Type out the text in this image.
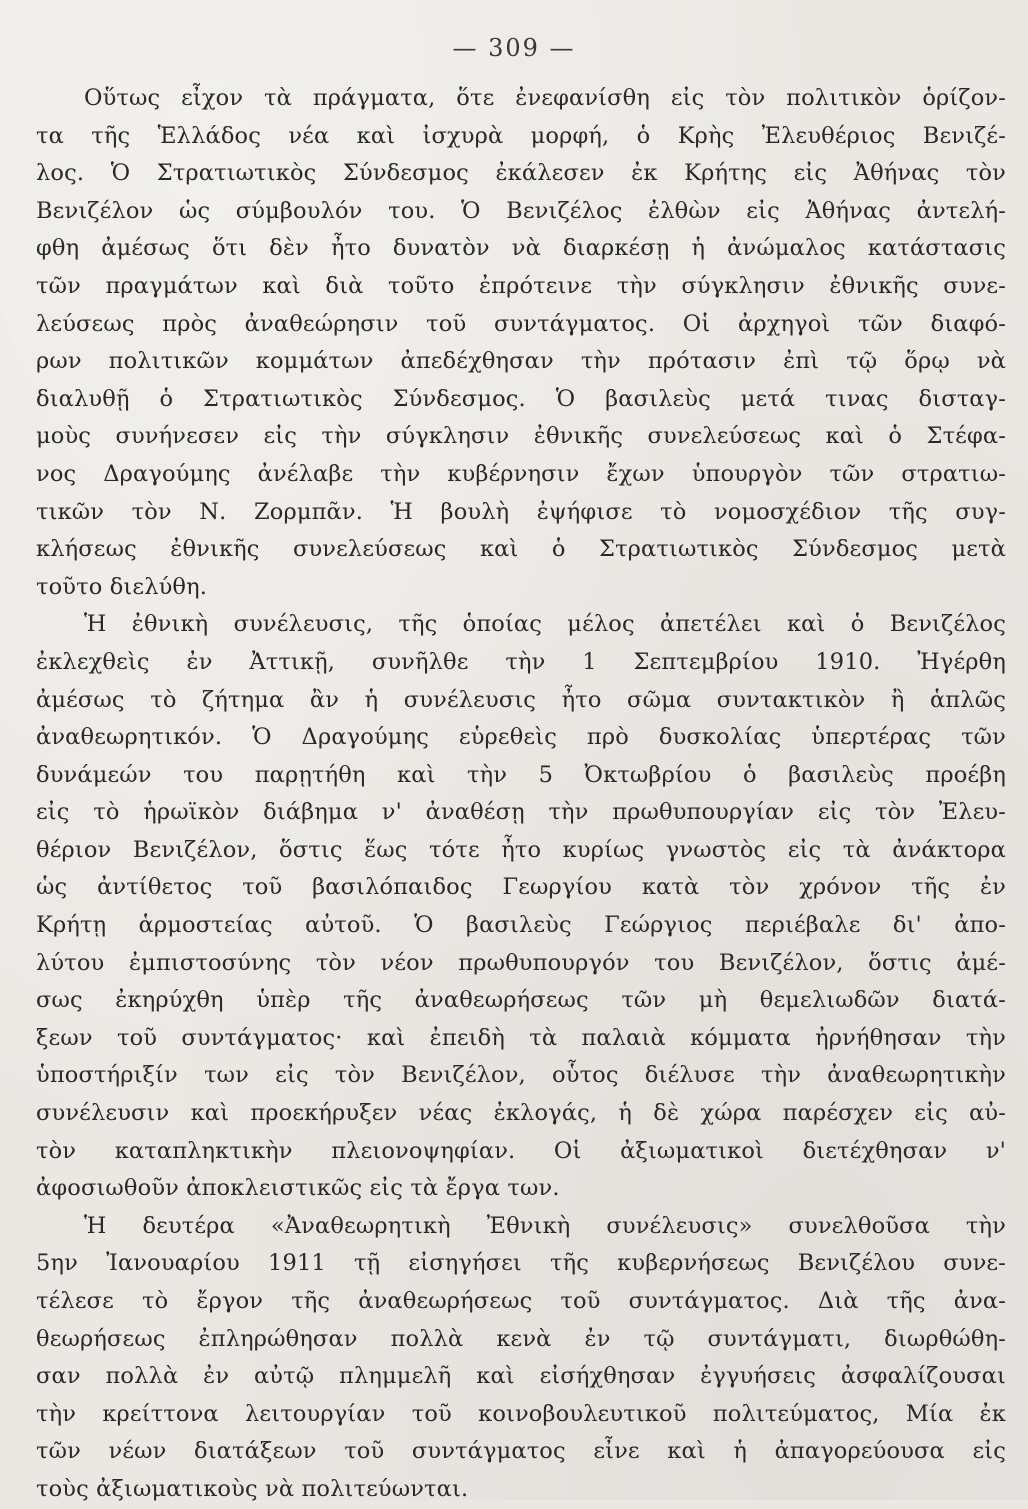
— 309 —
Οὕτως εἶχον τὰ πράγματα, ὅτε ἐνεφανίσθη εἰς τὸν πολιτικὸν ὁρίζον-
τα τῆς Ἑλλάδος νέα καὶ ἰσχυρὰ μορφή, ὁ Κρὴς Ἐλευθέριος Βενιζέ-
λος. Ὁ Στρατιωτικὸς Σύνδεσμος ἐκάλεσεν ἐκ Κρήτης εἰς Ἀθήνας τὸν
Βενιζέλον ὡς σύμβουλόν του. Ὁ Βενιζέλος ἐλθὼν εἰς Ἀθήνας ἀντελή-
φθη ἀμέσως ὅτι δὲν ἦτο δυνατὸν νὰ διαρκέσῃ ἡ ἀνώμαλος κατάστασις
τῶν πραγμάτων καὶ διὰ τοῦτο ἐπρότεινε τὴν σύγκλησιν ἐθνικῆς συνε-
λεύσεως πρὸς ἀναθεώρησιν τοῦ συντάγματος. Οἱ ἀρχηγοὶ τῶν διαφό-
ρων πολιτικῶν κομμάτων ἀπεδέχθησαν τὴν πρότασιν ἐπὶ τῷ ὅρῳ νὰ
διαλυθῇ ὁ Στρατιωτικὸς Σύνδεσμος. Ὁ βασιλεὺς μετά τινας δισταγ-
μοὺς συνήνεσεν εἰς τὴν σύγκλησιν ἐθνικῆς συνελεύσεως καὶ ὁ Στέφα-
νος Δραγούμης ἀνέλαβε τὴν κυβέρνησιν ἔχων ὑπουργὸν τῶν στρατιω-
τικῶν τὸν Ν. Ζορμπᾶν. Ἡ βουλὴ ἐψήφισε τὸ νομοσχέδιον τῆς συγ-
κλήσεως ἐθνικῆς συνελεύσεως καὶ ὁ Στρατιωτικὸς Σύνδεσμος μετὰ
τοῦτο διελύθη.
Ἡ ἐθνικὴ συνέλευσις, τῆς ὁποίας μέλος ἀπετέλει καὶ ὁ Βενιζέλος
ἐκλεχθεὶς ἐν Ἀττικῇ, συνῆλθε τὴν 1 Σεπτεμβρίου 1910. Ἠγέρθη
ἀμέσως τὸ ζήτημα ἂν ἡ συνέλευσις ἦτο σῶμα συντακτικὸν ἢ ἁπλῶς
ἀναθεωρητικόν. Ὁ Δραγούμης εὑρεθεὶς πρὸ δυσκολίας ὑπερτέρας τῶν
δυνάμεών του παρῃτήθη καὶ τὴν 5 Ὀκτωβρίου ὁ βασιλεὺς προέβη
εἰς τὸ ἡρωϊκὸν διάβημα ν' ἀναθέσῃ τὴν πρωθυπουργίαν εἰς τὸν Ἐλευ-
θέριον Βενιζέλον, ὅστις ἕως τότε ἦτο κυρίως γνωστὸς εἰς τὰ ἀνάκτορα
ὡς ἀντίθετος τοῦ βασιλόπαιδος Γεωργίου κατὰ τὸν χρόνον τῆς ἐν
Κρήτῃ ἁρμοστείας αὐτοῦ. Ὁ βασιλεὺς Γεώργιος περιέβαλε δι' ἀπο-
λύτου ἐμπιστοσύνης τὸν νέον πρωθυπουργόν του Βενιζέλον, ὅστις ἀμέ-
σως ἐκηρύχθη ὑπὲρ τῆς ἀναθεωρήσεως τῶν μὴ θεμελιωδῶν διατά-
ξεων τοῦ συντάγματος· καὶ ἐπειδὴ τὰ παλαιὰ κόμματα ἠρνήθησαν τὴν
ὑποστήριξίν των εἰς τὸν Βενιζέλον, οὗτος διέλυσε τὴν ἀναθεωρητικὴν
συνέλευσιν καὶ προεκήρυξεν νέας ἐκλογάς, ἡ δὲ χώρα παρέσχεν εἰς αὐ-
τὸν καταπληκτικὴν πλειονοψηφίαν. Οἱ ἀξιωματικοὶ διετέχθησαν ν'
ἀφοσιωθοῦν ἀποκλειστικῶς εἰς τὰ ἔργα των.
Ἡ δευτέρα «Ἀναθεωρητικὴ Ἐθνικὴ συνέλευσις» συνελθοῦσα τὴν
5ην Ἰανουαρίου 1911 τῇ εἰσηγήσει τῆς κυβερνήσεως Βενιζέλου συνε-
τέλεσε τὸ ἔργον τῆς ἀναθεωρήσεως τοῦ συντάγματος. Διὰ τῆς ἀνα-
θεωρήσεως ἐπληρώθησαν πολλὰ κενὰ ἐν τῷ συντάγματι, διωρθώθη-
σαν πολλὰ ἐν αὐτῷ πλημμελῆ καὶ εἰσήχθησαν ἐγγυήσεις ἀσφαλίζουσαι
τὴν κρείττονα λειτουργίαν τοῦ κοινοβουλευτικοῦ πολιτεύματος, Μία ἐκ
τῶν νέων διατάξεων τοῦ συντάγματος εἶνε καὶ ἡ ἀπαγορεύουσα εἰς
τοὺς ἀξιωματικοὺς νὰ πολιτεύωνται.
